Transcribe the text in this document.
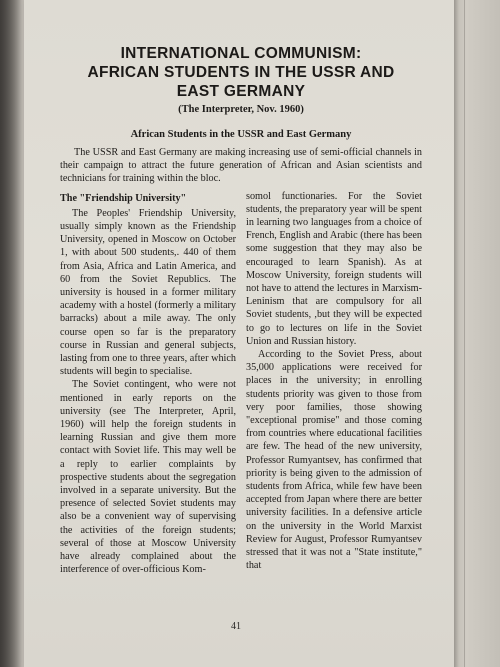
INTERNATIONAL COMMUNISM:
AFRICAN STUDENTS IN THE USSR AND
EAST GERMANY

(The Interpreter, Nov. 1960)

African Students in the USSR and East Germany

The USSR and East Germany are making increasing use of semi-official channels in their campaign to attract the future generation of African and Asian scientists and technicians for training within the bloc.

The "Friendship University"

The Peoples' Friendship University, usually simply known as the Friendship University, opened in Moscow on October 1, with about 500 students,. 440 of them from Asia, Africa and Latin America, and 60 from the Soviet Republics. The university is housed in a former military academy with a hostel (formerly a military barracks) about a mile away. The only course open so far is the preparatory course in Russian and general subjects, lasting from one to three years, after which students will begin to specialise.

The Soviet contingent, who were not mentioned in early reports on the university (see The Interpreter, April, 1960) will help the foreign students in learning Russian and give them more contact with Soviet life. This may well be a reply to earlier complaints by prospective students about the segregation involved in a separate university. But the presence of selected Soviet students may also be a convenient way of supervising the activities of the foreign students; several of those at Moscow University have already complained about the interference of over-officious Kom-

somol functionaries. For the Soviet students, the preparatory year will be spent in learning two languages from a choice of French, English and Arabic (there has been some suggestion that they may also be encouraged to learn Spanish). As at Moscow University, foreign students will not have to attend the lectures in Marxism-Leninism that are compulsory for all Soviet students, ,but they will be expected to go to lectures on life in the Soviet Union and Russian history.

According to the Soviet Press, about 35,000 applications were received for places in the university; in enrolling students priority was given to those from very poor families, those showing "exceptional promise" and those coming from countries where educational facilities are few. The head of the new university, Professor Rumyantsev, has confirmed that priority is being given to the admission of students from Africa, while few have been accepted from Japan where there are better university facilities. In a defensive article on the university in the World Marxist Review for August, Professor Rumyantsev stressed that it was not a "State institute," that

41
